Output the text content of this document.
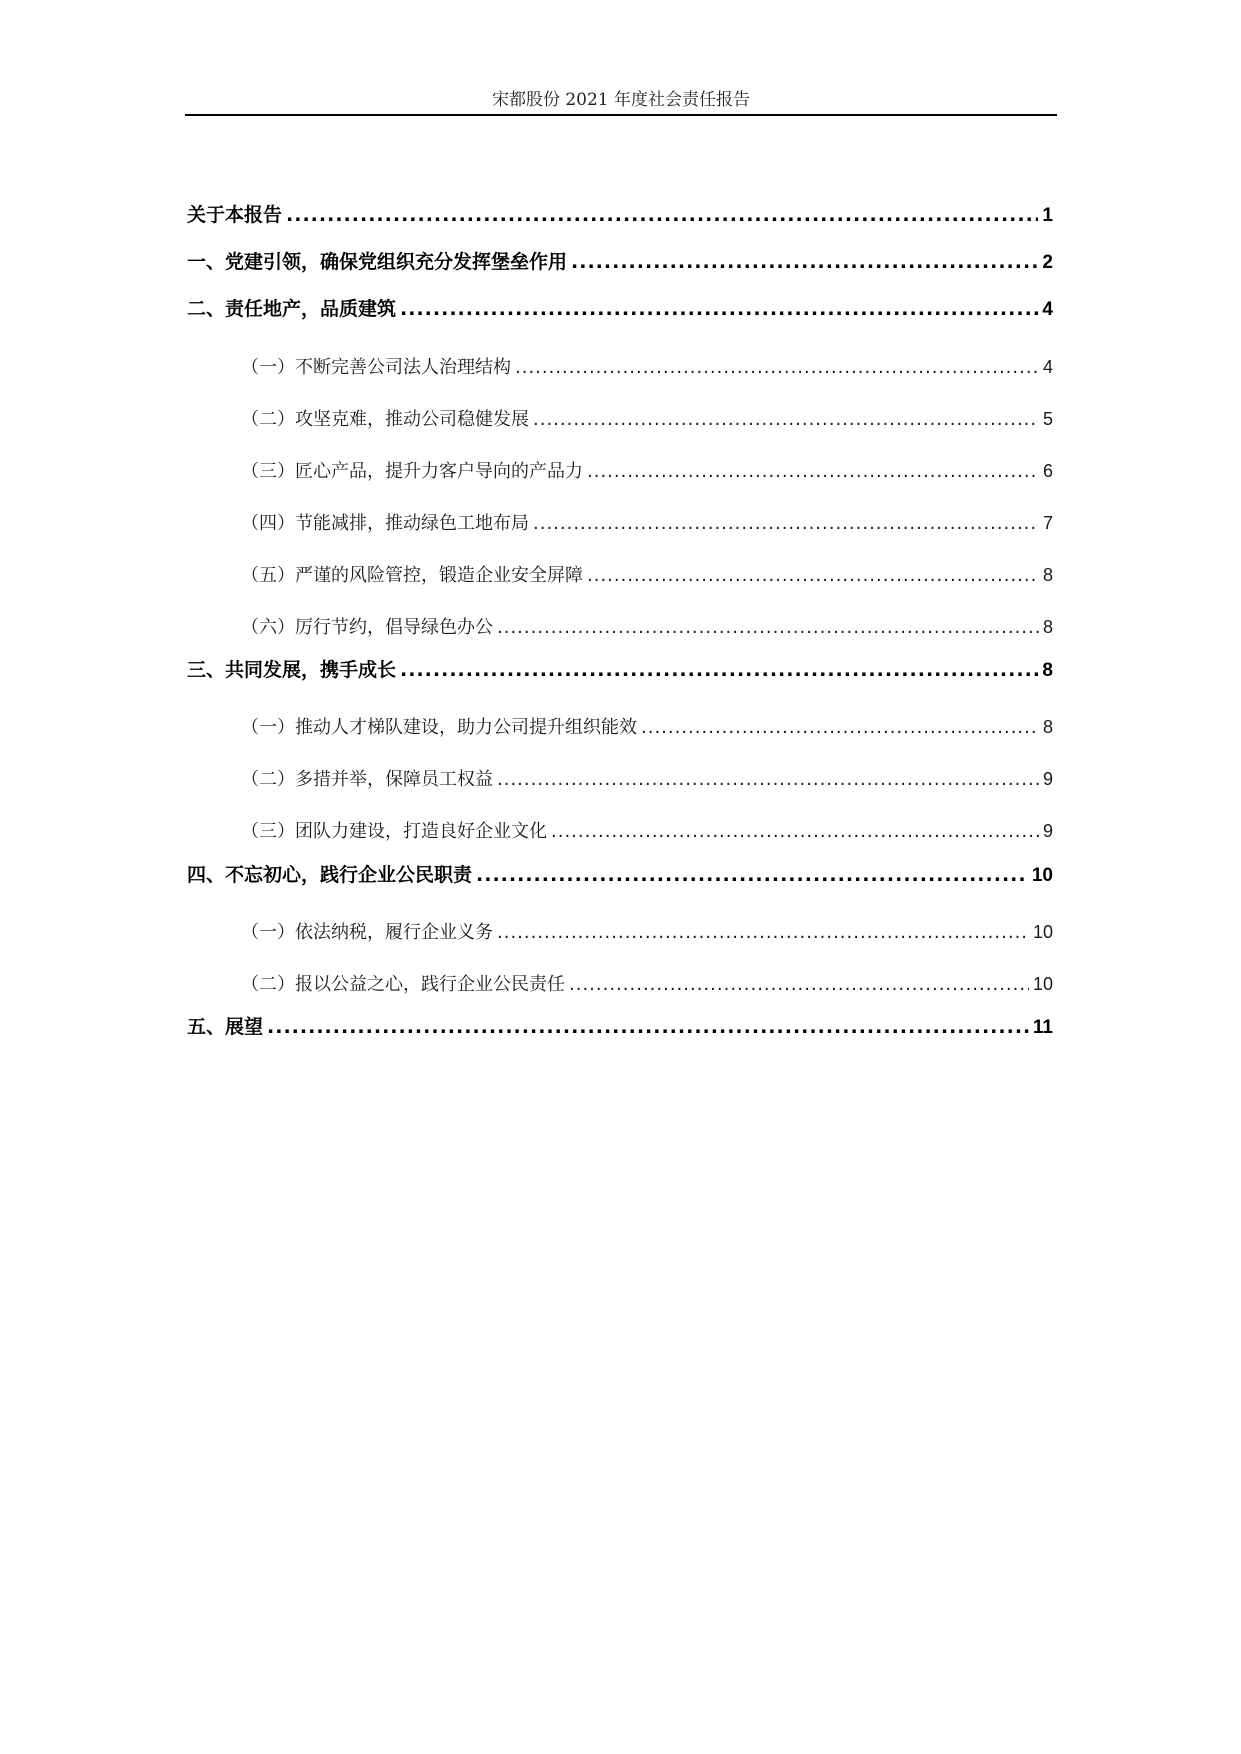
宋都股份 2021 年度社会责任报告
关于本报告 .....	1
一、党建引领，确保党组织充分发挥堡垒作用 .....	2
二、责任地产，品质建筑 .....	4
（一）不断完善公司法人治理结构 .....	4
（二）攻坚克难，推动公司稳健发展 .....	5
（三）匠心产品，提升力客户导向的产品力 .....	6
（四）节能减排，推动绿色工地布局 .....	7
（五）严谨的风险管控，锻造企业安全屏障 .....	8
（六）厉行节约，倡导绿色办公 .....	8
三、共同发展，携手成长 .....	8
（一）推动人才梯队建设，助力公司提升组织能效 .....	8
（二）多措并举，保障员工权益 .....	9
（三）团队力建设，打造良好企业文化 .....	9
四、不忘初心，践行企业公民职责 .....	10
（一）依法纳税，履行企业义务 .....	10
（二）报以公益之心，践行企业公民责任 .....	10
五、展望 .....	11
